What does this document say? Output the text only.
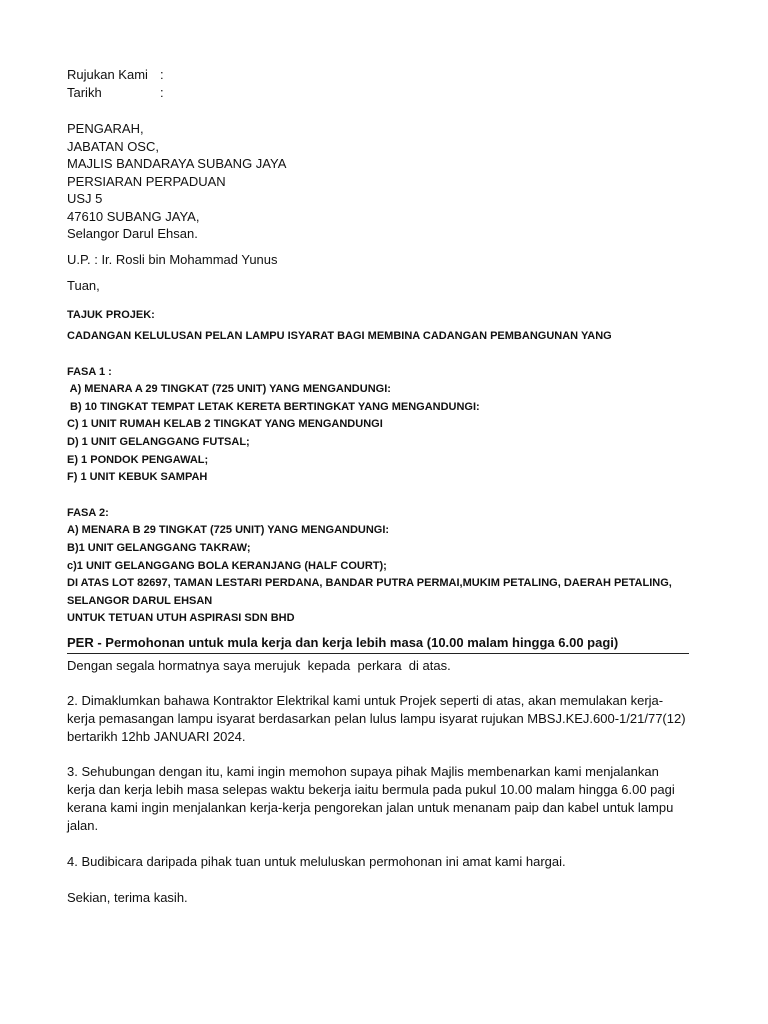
Rujukan Kami :
Tarikh	:
PENGARAH,
JABATAN OSC,
MAJLIS BANDARAYA SUBANG JAYA
PERSIARAN PERPADUAN
USJ 5
47610 SUBANG JAYA,
Selangor Darul Ehsan.
U.P. : Ir. Rosli bin Mohammad Yunus
Tuan,
TAJUK PROJEK:
CADANGAN KELULUSAN PELAN LAMPU ISYARAT BAGI MEMBINA CADANGAN PEMBANGUNAN YANG
FASA 1 :
A) MENARA A 29 TINGKAT (725 UNIT) YANG MENGANDUNGI:
B) 10 TINGKAT TEMPAT LETAK KERETA BERTINGKAT YANG MENGANDUNGI:
C) 1 UNIT RUMAH KELAB 2 TINGKAT YANG MENGANDUNGI
D) 1 UNIT GELANGGANG FUTSAL;
E) 1 PONDOK PENGAWAL;
F) 1 UNIT KEBUK SAMPAH
FASA 2:
A) MENARA B 29 TINGKAT (725 UNIT) YANG MENGANDUNGI:
B)1 UNIT GELANGGANG TAKRAW;
c)1 UNIT GELANGGANG BOLA KERANJANG (HALF COURT);
DI ATAS LOT 82697, TAMAN LESTARI PERDANA, BANDAR PUTRA PERMAI,MUKIM PETALING, DAERAH PETALING,
SELANGOR DARUL EHSAN
UNTUK TETUAN UTUH ASPIRASI SDN BHD
PER - Permohonan untuk mula kerja dan kerja lebih masa (10.00 malam hingga 6.00 pagi)
Dengan segala hormatnya saya merujuk  kepada  perkara  di atas.
2. Dimaklumkan bahawa Kontraktor Elektrikal kami untuk Projek seperti di atas, akan memulakan kerja-
kerja pemasangan lampu isyarat berdasarkan pelan lulus lampu isyarat rujukan MBSJ.KEJ.600-1/21/77(12)
bertarikh 12hb JANUARI 2024.
3. Sehubungan dengan itu, kami ingin memohon supaya pihak Majlis membenarkan kami menjalankan
kerja dan kerja lebih masa selepas waktu bekerja iaitu bermula pada pukul 10.00 malam hingga 6.00 pagi
kerana kami ingin menjalankan kerja-kerja pengorekan jalan untuk menanam paip dan kabel untuk lampu
jalan.
4. Budibicara daripada pihak tuan untuk meluluskan permohonan ini amat kami hargai.
Sekian, terima kasih.
